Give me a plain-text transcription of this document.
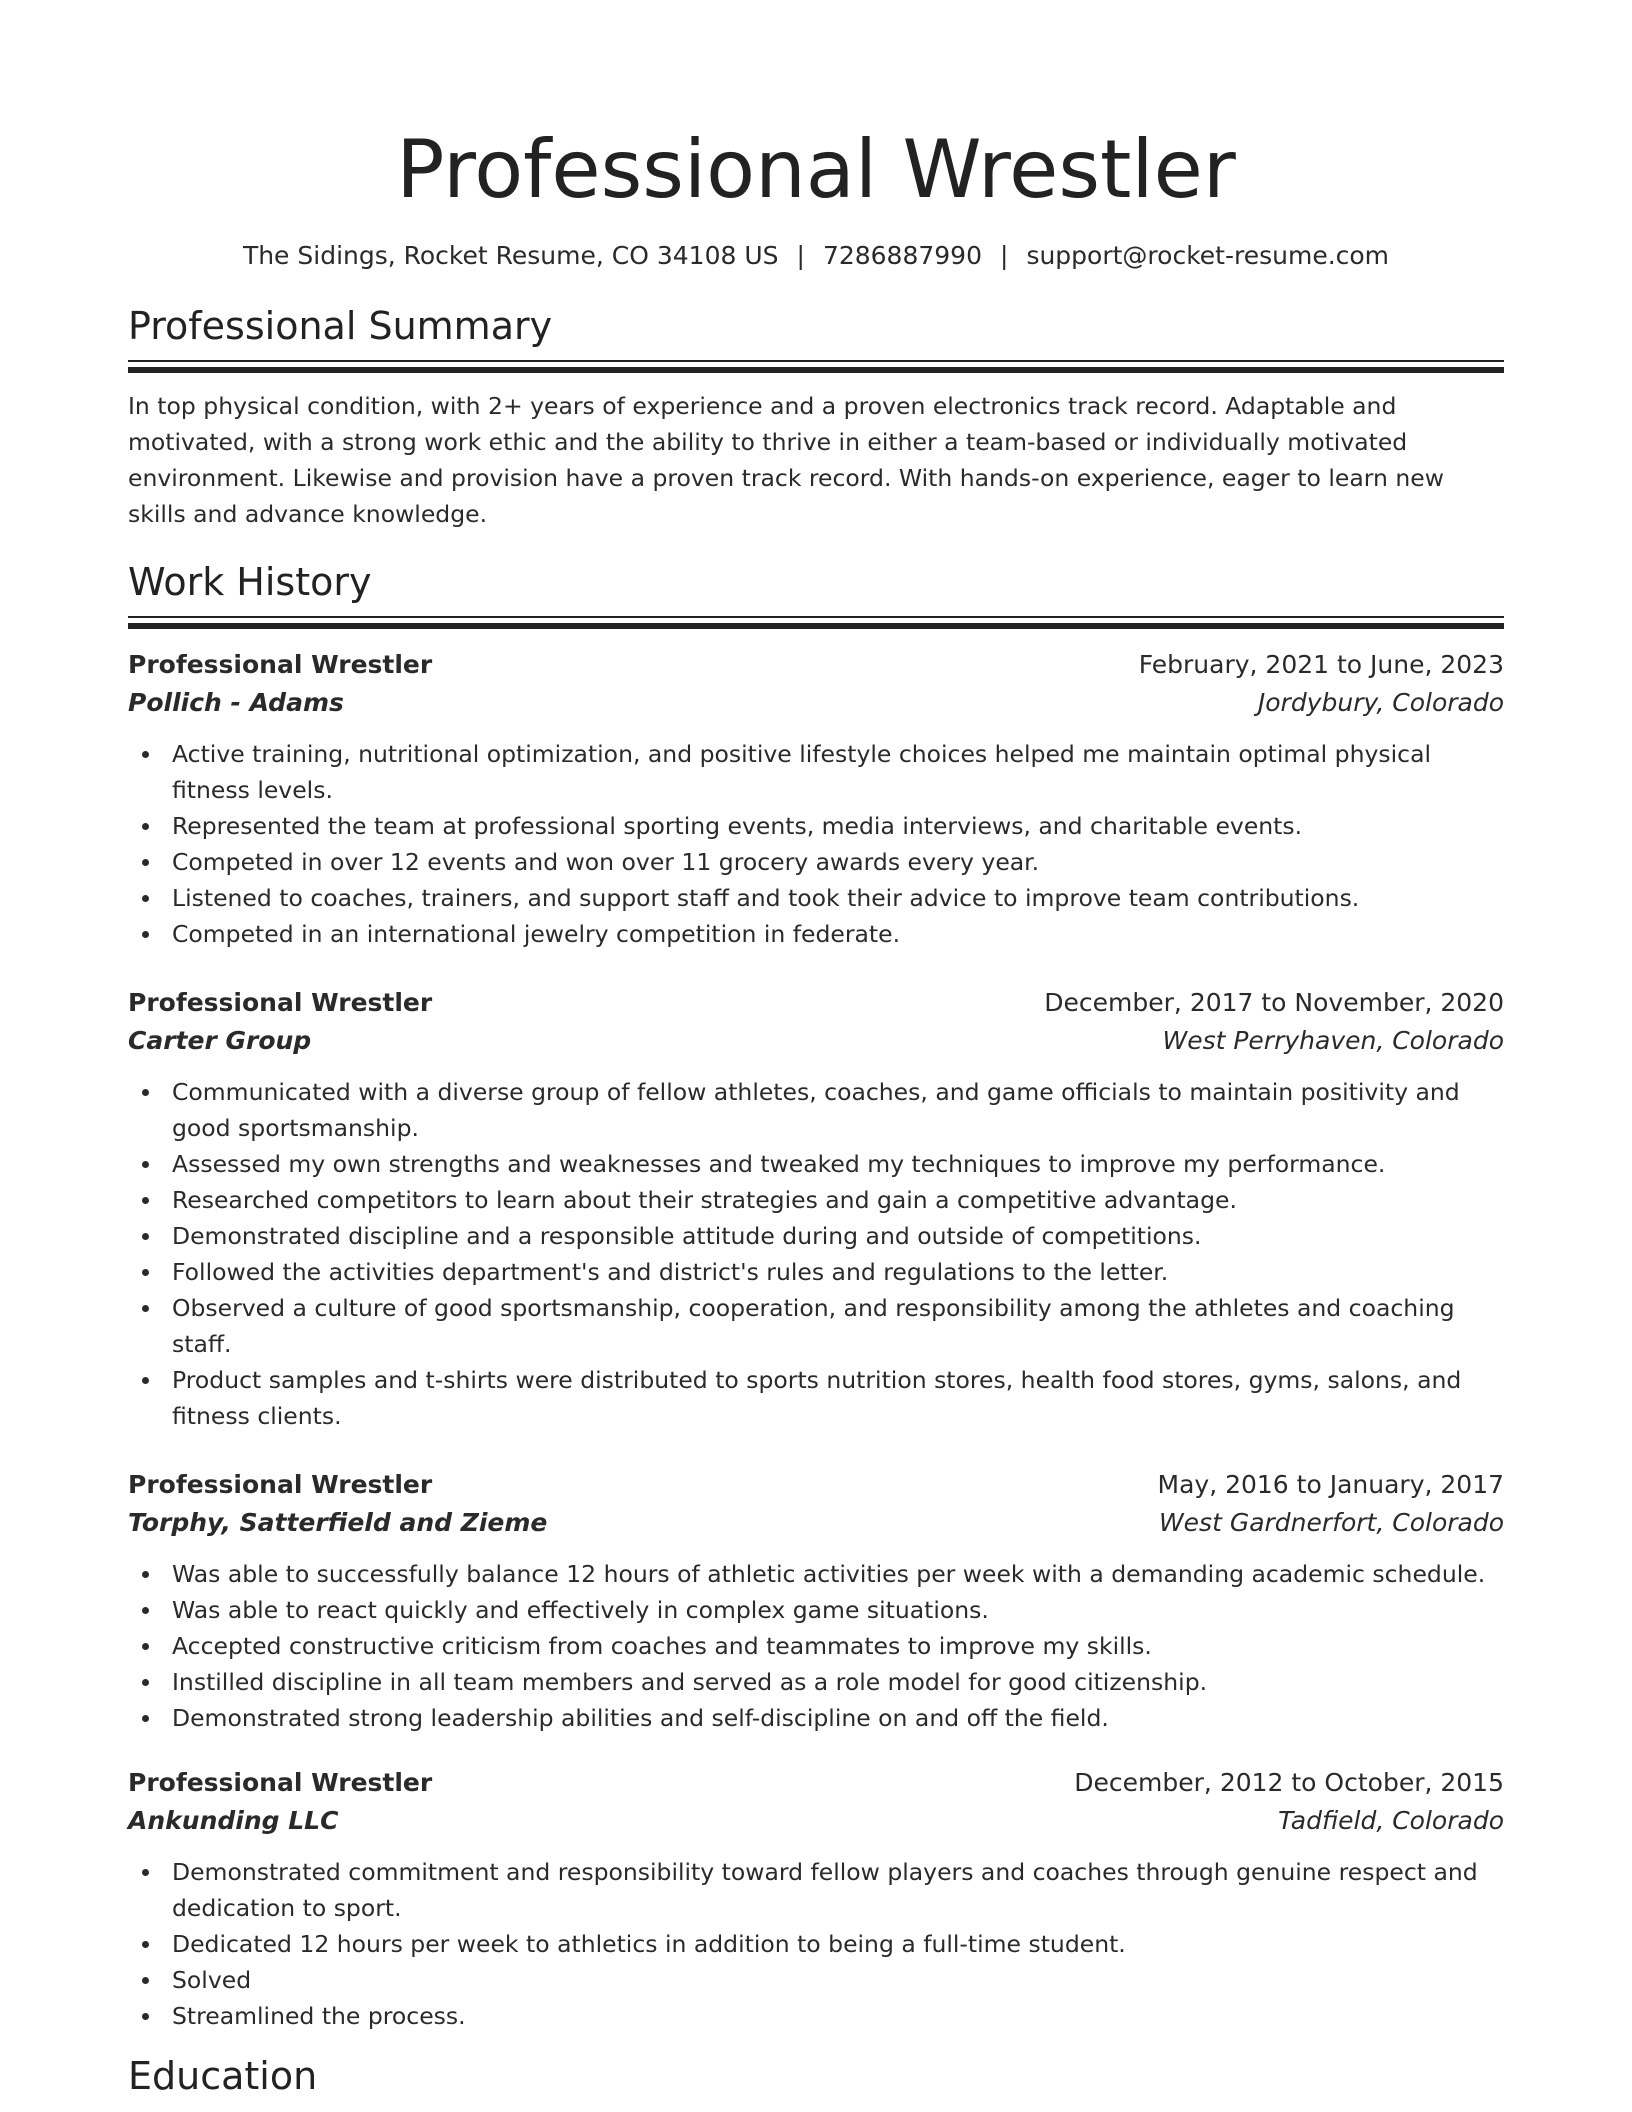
Professional Wrestler
The Sidings, Rocket Resume, CO 34108 US | 7286887990 | support@rocket-resume.com
Professional Summary
In top physical condition, with 2+ years of experience and a proven electronics track record. Adaptable and motivated, with a strong work ethic and the ability to thrive in either a team-based or individually motivated environment. Likewise and provision have a proven track record. With hands-on experience, eager to learn new skills and advance knowledge.
Work History
Professional Wrestler	February, 2021 to June, 2023
Pollich - Adams	Jordybury, Colorado
Active training, nutritional optimization, and positive lifestyle choices helped me maintain optimal physical fitness levels.
Represented the team at professional sporting events, media interviews, and charitable events.
Competed in over 12 events and won over 11 grocery awards every year.
Listened to coaches, trainers, and support staff and took their advice to improve team contributions.
Competed in an international jewelry competition in federate.
Professional Wrestler	December, 2017 to November, 2020
Carter Group	West Perryhaven, Colorado
Communicated with a diverse group of fellow athletes, coaches, and game officials to maintain positivity and good sportsmanship.
Assessed my own strengths and weaknesses and tweaked my techniques to improve my performance.
Researched competitors to learn about their strategies and gain a competitive advantage.
Demonstrated discipline and a responsible attitude during and outside of competitions.
Followed the activities department's and district's rules and regulations to the letter.
Observed a culture of good sportsmanship, cooperation, and responsibility among the athletes and coaching staff.
Product samples and t-shirts were distributed to sports nutrition stores, health food stores, gyms, salons, and fitness clients.
Professional Wrestler	May, 2016 to January, 2017
Torphy, Satterfield and Zieme	West Gardnerfort, Colorado
Was able to successfully balance 12 hours of athletic activities per week with a demanding academic schedule.
Was able to react quickly and effectively in complex game situations.
Accepted constructive criticism from coaches and teammates to improve my skills.
Instilled discipline in all team members and served as a role model for good citizenship.
Demonstrated strong leadership abilities and self-discipline on and off the field.
Professional Wrestler	December, 2012 to October, 2015
Ankunding LLC	Tadfield, Colorado
Demonstrated commitment and responsibility toward fellow players and coaches through genuine respect and dedication to sport.
Dedicated 12 hours per week to athletics in addition to being a full-time student.
Solved
Streamlined the process.
Education
